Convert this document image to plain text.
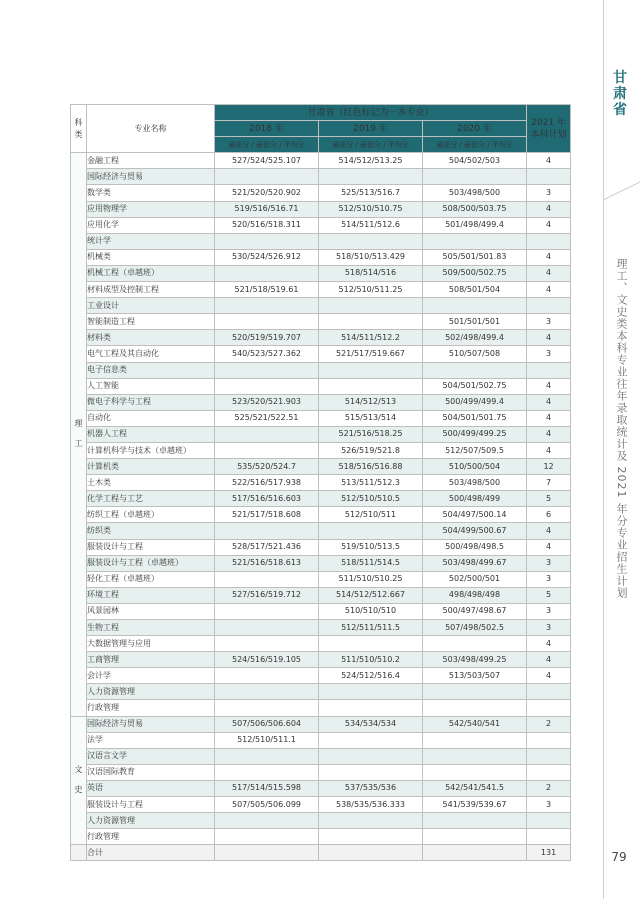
甘肃省
理工、文史类本科专业往年录取统计及 2021 年分专业招生计划
79
科类	专业名称	甘肃省（红色标记为一本专业）			2021 年本科计划
		2018 年	2019 年	2020 年	
		最高分 / 最低分 / 平均分	最高分 / 最低分 / 平均分	最高分 / 最低分 / 平均分	
理工	金融工程	527/524/525.107	514/512/513.25	504/502/503	4
	国际经济与贸易				
	数学类	521/520/520.902	525/513/516.7	503/498/500	3
	应用物理学	519/516/516.71	512/510/510.75	508/500/503.75	4
	应用化学	520/516/518.311	514/511/512.6	501/498/499.4	4
	统计学				
	机械类	530/524/526.912	518/510/513.429	505/501/501.83	4
	机械工程（卓越班）		518/514/516	509/500/502.75	4
	材料成型及控制工程	521/518/519.61	512/510/511.25	508/501/504	4
	工业设计				
	智能制造工程			501/501/501	3
	材料类	520/519/519.707	514/511/512.2	502/498/499.4	4
	电气工程及其自动化	540/523/527.362	521/517/519.667	510/507/508	3
	电子信息类				
	人工智能			504/501/502.75	4
	微电子科学与工程	523/520/521.903	514/512/513	500/499/499.4	4
	自动化	525/521/522.51	515/513/514	504/501/501.75	4
	机器人工程		521/516/518.25	500/499/499.25	4
	计算机科学与技术（卓越班）		526/519/521.8	512/507/509.5	4
	计算机类	535/520/524.7	518/516/516.88	510/500/504	12
	土木类	522/516/517.938	513/511/512.3	503/498/500	7
	化学工程与工艺	517/516/516.603	512/510/510.5	500/498/499	5
	纺织工程（卓越班）	521/517/518.608	512/510/511	504/497/500.14	6
	纺织类			504/499/500.67	4
	服装设计与工程	528/517/521.436	519/510/513.5	500/498/498.5	4
	服装设计与工程（卓越班）	521/516/518.613	518/511/514.5	503/498/499.67	3
	轻化工程（卓越班）		511/510/510.25	502/500/501	3
	环境工程	527/516/519.712	514/512/512.667	498/498/498	5
	风景园林		510/510/510	500/497/498.67	3
	生物工程		512/511/511.5	507/498/502.5	3
	大数据管理与应用				4
	工商管理	524/516/519.105	511/510/510.2	503/498/499.25	4
	会计学		524/512/516.4	513/503/507	4
	人力资源管理				
	行政管理				
文史	国际经济与贸易	507/506/506.604	534/534/534	542/540/541	2
	法学	512/510/511.1			
	汉语言文学				
	汉语国际教育				
	英语	517/514/515.598	537/535/536	542/541/541.5	2
	服装设计与工程	507/505/506.099	538/535/536.333	541/539/539.67	3
	人力资源管理				
	行政管理				
	合计				131
